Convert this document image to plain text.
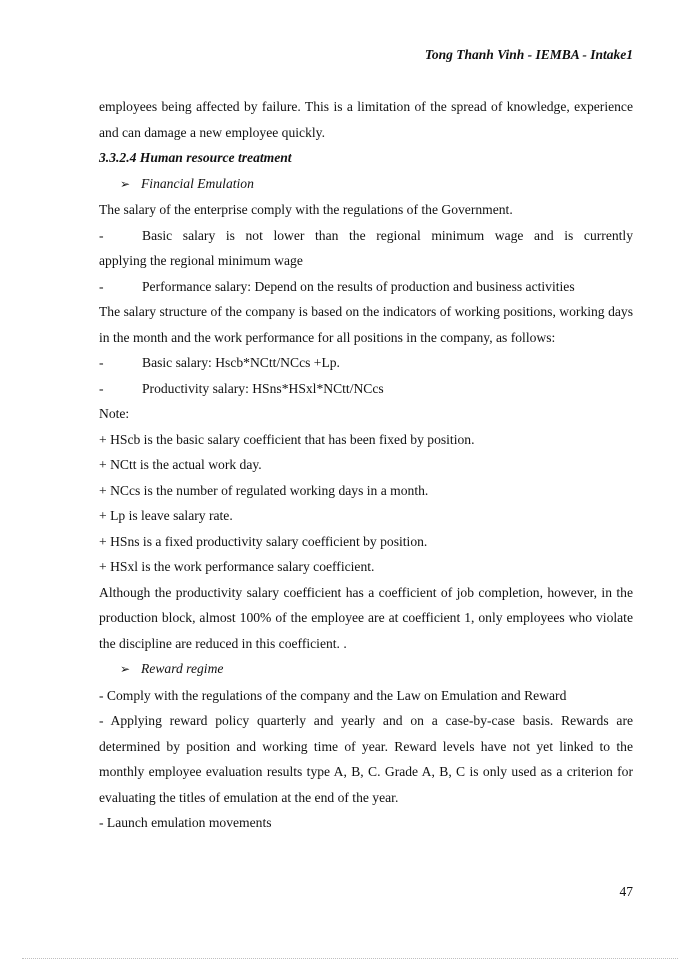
Tong Thanh Vinh - IEMBA - Intake1

employees being affected by failure. This is a limitation of the spread of knowledge, experience and can damage a new employee quickly.

3.3.2.4 Human resource treatment

➢ Financial Emulation

The salary of the enterprise comply with the regulations of the Government.

-	Basic salary is not lower than the regional minimum wage and is currently

applying the regional minimum wage

-	Performance salary: Depend on the results of production and business activities

The salary structure of the company is based on the indicators of working positions, working days in the month and the work performance for all positions in the company, as follows:

-	Basic salary: Hscb*NCtt/NCcs +Lp.
-	Productivity salary: HSns*HSxl*NCtt/NCcs

Note:

+ HScb is the basic salary coefficient that has been fixed by position.

+ NCtt is the actual work day.

+ NCcs is the number of regulated working days in a month.

+ Lp is leave salary rate.

+ HSns is a fixed productivity salary coefficient by position.

+ HSxl is the work performance salary coefficient.

Although the productivity salary coefficient has a coefficient of job completion, however, in the production block, almost 100% of the employee are at coefficient 1, only employees who violate the discipline are reduced in this coefficient. .

➢ Reward regime

- Comply with the regulations of the company and the Law on Emulation and Reward

- Applying reward policy quarterly and yearly and on a case-by-case basis. Rewards are determined by position and working time of year. Reward levels have not yet linked to the monthly employee evaluation results type A, B, C. Grade A, B, C is only used as a criterion for evaluating the titles of emulation at the end of the year.

- Launch emulation movements

47
